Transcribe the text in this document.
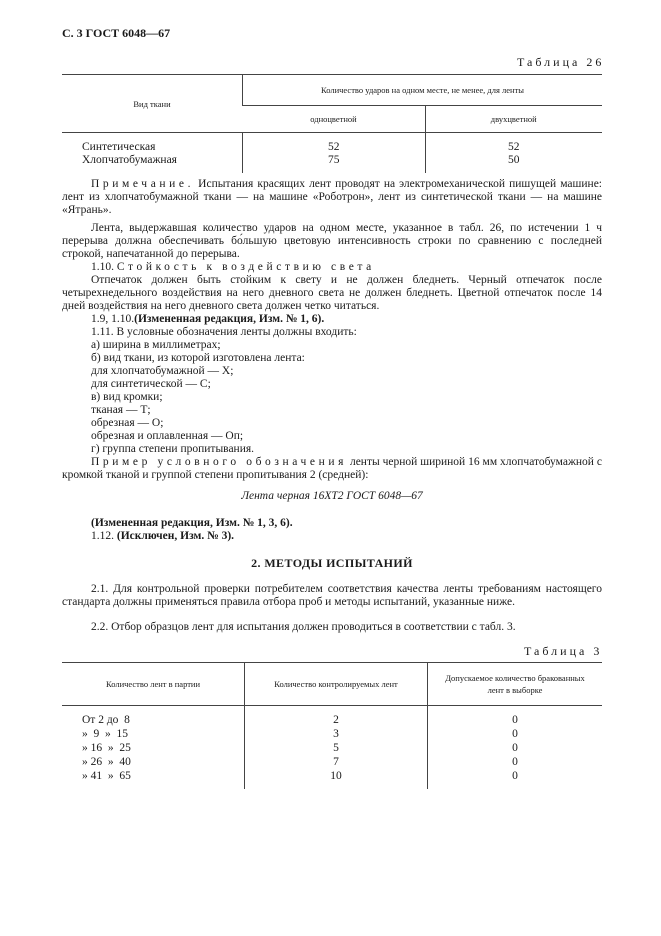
С. 3 ГОСТ 6048—67
Таблица 26
Вид ткани	Количество ударов на одном месте, не менее, для ленты	
	одноцветной	двухцветной
Синтетическая	52	52
Хлопчатобумажная	75	50
Примечание. Испытания красящих лент проводят на электромеханической пишущей машине: лент из хлопчатобумажной ткани — на машине «Роботрон», лент из синтетической ткани — на машине «Ятрань».
Лента, выдержавшая количество ударов на одном месте, указанное в табл. 26, по истечении 1 ч перерыва должна обеспечивать бо́льшую цветовую интенсивность строки по сравнению с последней строкой, напечатанной до перерыва.
1.10. Стойкость к воздействию света
Отпечаток должен быть стойким к свету и не должен бледнеть. Черный отпечаток после четырехнедельного воздействия на него дневного света не должен бледнеть. Цветной отпечаток после 14 дней воздействия на него дневного света должен четко читаться.
1.9, 1.10.(Измененная редакция, Изм. № 1, 6).
1.11. В условные обозначения ленты должны входить:
а) ширина в миллиметрах;
б) вид ткани, из которой изготовлена лента:
для хлопчатобумажной — Х;
для синтетической — С;
в) вид кромки;
тканая — Т;
обрезная — О;
обрезная и оплавленная — Оп;
г) группа степени пропитывания.
Пример условного обозначения ленты черной шириной 16 мм хлопчатобумажной с кромкой тканой и группой степени пропитывания 2 (средней):
Лента черная 16ХТ2 ГОСТ 6048—67
(Измененная редакция, Изм. № 1, 3, 6).
1.12. (Исключен, Изм. № 3).
2. МЕТОДЫ ИСПЫТАНИЙ
2.1. Для контрольной проверки потребителем соответствия качества ленты требованиям настоящего стандарта должны применяться правила отбора проб и методы испытаний, указанные ниже.
2.2. Отбор образцов лент для испытания должен проводиться в соответствии с табл. 3.
Таблица 3
Количество лент в партии	Количество контролируемых лент	Допускаемое количество бракованных лент в выборке
От 2 до  8	2	0
»  9  »  15	3	0
» 16  »  25	5	0
» 26  »  40	7	0
» 41  »  65	10	0
